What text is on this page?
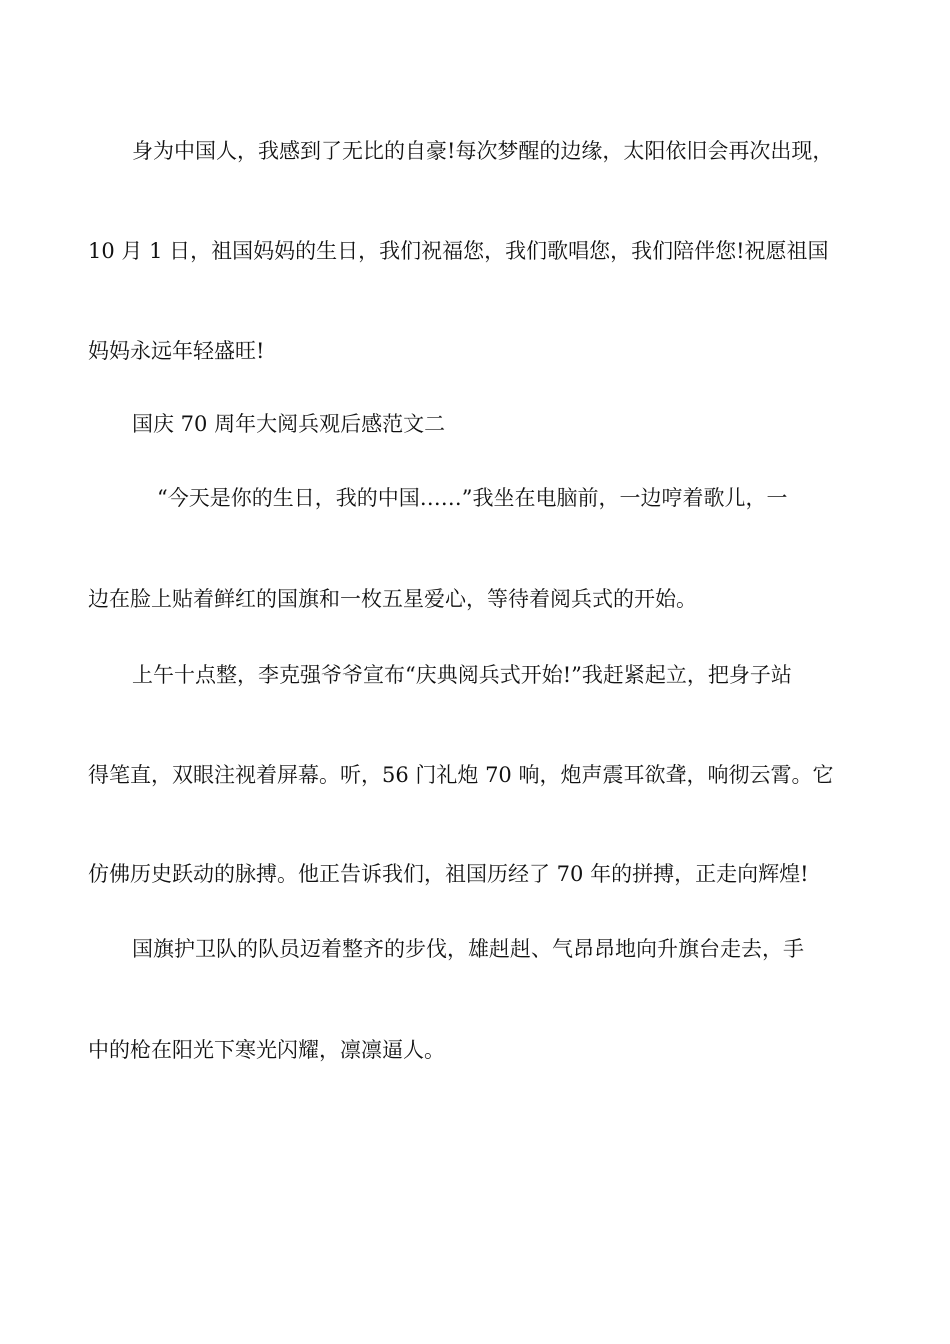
身为中国人，我感到了无比的自豪!每次梦醒的边缘，太阳依旧会再次出现，
10 月 1 日，祖国妈妈的生日，我们祝福您，我们歌唱您，我们陪伴您!祝愿祖国
妈妈永远年轻盛旺!
国庆 70 周年大阅兵观后感范文二
“今天是你的生日，我的中国……”我坐在电脑前，一边哼着歌儿，一
边在脸上贴着鲜红的国旗和一枚五星爱心，等待着阅兵式的开始。
上午十点整，李克强爷爷宣布“庆典阅兵式开始!”我赶紧起立，把身子站
得笔直，双眼注视着屏幕。听，56 门礼炮 70 响，炮声震耳欲聋，响彻云霄。它
仿佛历史跃动的脉搏。他正告诉我们，祖国历经了 70 年的拼搏，正走向辉煌!
国旗护卫队的队员迈着整齐的步伐，雄赳赳、气昂昂地向升旗台走去，手
中的枪在阳光下寒光闪耀，凛凛逼人。
